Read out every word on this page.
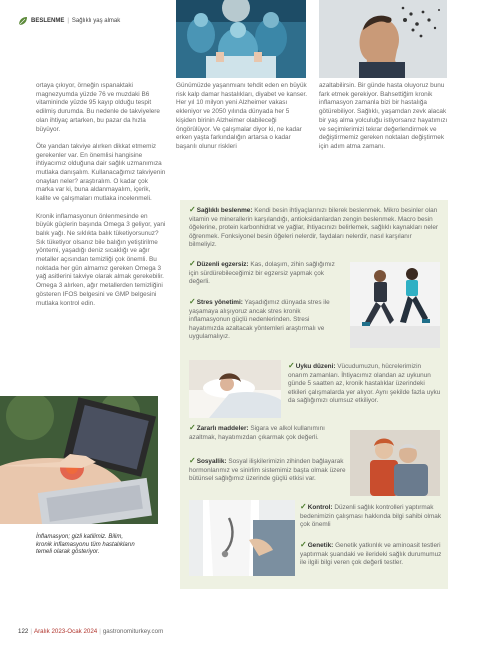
BESLENME | Sağlıklı yaş almak

ortaya çıkıyor, örneğin ıspanaktaki magnezyumda yüzde 76 ve muzdaki B6 vitamininde yüzde 95 kayıp olduğu tespit edilmiş durumda. Bu nedenle de takviyelere olan ihtiyaç artarken, bu pazar da hızla büyüyor.

Öte yandan takviye alırken dikkat etmemiz gerekenler var. En önemlisi hangisine ihtiyacımız olduğuna dair sağlık uzmanımıza mutlaka danışalım. Kullanacağımız takviyenin onaylan neler? araştıralım. O kadar çok marka var ki, buna aldanmayalım, içerik, kalite ve çalışmaları mutlaka incelenmeli.

Kronik inflamasyonun önlenmesinde en büyük güçlerin başında Omega 3 geliyor, yani balık yağı. Ne sıklıkta balık tüketiyorsunuz? Sık tüketiyor olsanız bile balığın yetiştirilme yöntemi, yaşadığı deniz sıcaklığı ve ağır metaller açısından temizliği çok önemli. Bu noktada her gün almamız gereken Omega 3 yağ asitlerini takviye olarak almak gerekebilir. Omega 3 alırken, ağır metallerden temizliğini gösteren IFOS belgesini ve GMP belgesini mutlaka kontrol edin.

Günümüzde yaşanmıanı tehdit eden en büyük risk kalp damar hastalıkları, diyabet ve kanser. Her yıl 10 milyon yeni Alzheimer vakası ekleniyor ve 2050 yılında dünyada her 5 kişiden birinin Alzheimer olabileceği öngörülüyor. Ve çalışmalar diyor ki, ne kadar erken yaşta farkındalığın artarsa o kadar başarılı olunur riskleri

azaltabilirsin. Bir günde hasta oluyoruz bunu fark etmek gerekiyor. Bahsettiğim kronik inflamasyon zamanla bizi bir hastalığa götürebiliyor. Sağlıklı, yaşamdan zevk alacak bir yaş alma yolculuğu istiyorsanız hayatımızı ve seçimlerimizi tekrar değerlendirmek ve değiştirmemiz gereken noktaları değiştirmek için adım atma zamanı.

İnflamasyon; gizli katilimiz. Bilim, kronik inflamasyonu tüm hastalıkların temeli olarak gösteriyor.
✓Sağlıklı beslenme: Kendi besin ihtiyaçlarınızı bilerek beslenmek. Mikro besinler olan vitamin ve minerallerin karşılandığı, antioksidanlardan zengin beslenmek. Macro besin öğelerine, protein karbonhidrat ve yağlar, ihtiyacınızı belirlemek, sağlıklı kaynakları neler öğrenmek. Fonksiyonel besin öğeleri nelerdir, faydaları nelerdir, nasıl karşılanır bilmeliyiz.
✓Düzenli egzersiz: Kas, dolaşım, zihin sağlığımız için sürdürebileceğimiz bir egzersiz yapmak çok değerli.
✓Stres yönetimi: Yaşadığımız dünyada stres ile yaşamaya alışıyoruz ancak stres kronik inflamasyonun güçlü nedenlerinden. Stresi hayatımızda azaltacak yöntemleri araştırmalı ve uygulamalıyız.
✓Uyku düzeni: Vücudumuzun, hücrelerimizin onarım zamanları. İhtiyacımız olandan az uykunun günde 5 saatten az, kronik hastalıklar üzerindeki etkileri çalışmalarda yer alıyor. Aynı şekilde fazla uyku da sağlığımızı olumsuz etkiliyor.
✓Zararlı maddeler: Sigara ve alkol kullanımını azaltmak, hayatımızdan çıkarmak çok değerli.
✓Sosyallik: Sosyal ilişkilerimizin zihinden bağlayarak hormonlarımız ve sinirlim sistemimiz başta olmak üzere bütünsel sağlığımız üzerinde güçlü etkisi var.
✓Kontrol: Düzenli sağlık kontrolleri yaptırmak bedenimizin çalışması hakkında bilgi sahibi olmak çok önemli
✓Genetik: Genetik yatkınlık ve aminoasit testleri yaptırmak şuandaki ve ilerideki sağlık durumumuz ile ilgili bilgi veren çok değerli testler.
122 | Aralık 2023-Ocak 2024 | gastronomiturkey.com
